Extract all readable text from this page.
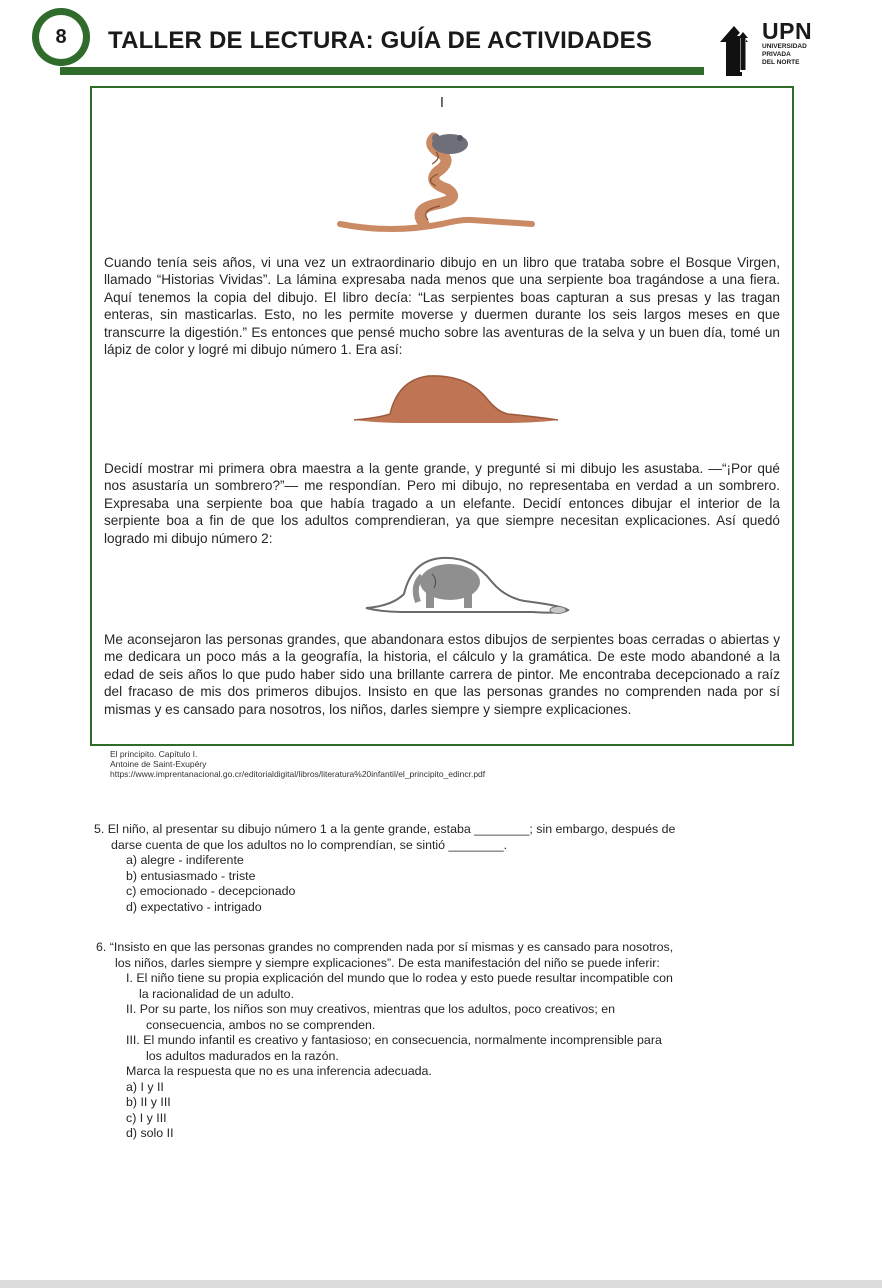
8	TALLER DE LECTURA: GUÍA DE ACTIVIDADES	UPN
UNIVERSIDAD
PRIVADA
DEL NORTE
I
Cuando tenía seis años, vi una vez un extraordinario dibujo en un libro que trataba sobre el Bosque Virgen, llamado “Historias Vividas”. La lámina expresaba nada menos que una serpiente boa tragándose a una fiera. Aquí tenemos la copia del dibujo. El libro decía: “Las serpientes boas capturan a sus presas y las tragan enteras, sin masticarlas. Esto, no les permite moverse y duermen durante los seis largos meses en que transcurre la digestión.” Es entonces que pensé mucho sobre las aventuras de la selva y un buen día, tomé un lápiz de color y logré mi dibujo número 1. Era así:
Decidí mostrar mi primera obra maestra a la gente grande, y pregunté si mi dibujo les asustaba. —“¡Por qué nos asustaría un sombrero?”— me respondían. Pero mi dibujo, no representaba en verdad a un sombrero. Expresaba una serpiente boa que había tragado a un elefante. Decidí entonces dibujar el interior de la serpiente boa a fin de que los adultos comprendieran, ya que siempre necesitan explicaciones. Así quedó logrado mi dibujo número 2:
Me aconsejaron las personas grandes, que abandonara estos dibujos de serpientes boas cerradas o abiertas y me dedicara un poco más a la geografía, la historia, el cálculo y la gramática. De este modo abandoné a la edad de seis años lo que pudo haber sido una brillante carrera de pintor. Me encontraba decepcionado a raíz del fracaso de mis dos primeros dibujos. Insisto en que las personas grandes no comprenden nada por sí mismas y es cansado para nosotros, los niños, darles siempre y siempre explicaciones.
El principito. Capítulo I.
Antoine de Saint-Exupéry
https://www.imprentanacional.go.cr/editorialdigital/libros/literatura%20infantil/el_principito_edincr.pdf
5. El niño, al presentar su dibujo número 1 a la gente grande, estaba ________; sin embargo, después de
darse cuenta de que los adultos no lo comprendían, se sintió ________.
a) alegre - indiferente
b) entusiasmado - triste
c) emocionado - decepcionado
d) expectativo - intrigado
6. “Insisto en que las personas grandes no comprenden nada por sí mismas y es cansado para nosotros,
los niños, darles siempre y siempre explicaciones”. De esta manifestación del niño se puede inferir:
I. El niño tiene su propia explicación del mundo que lo rodea y esto puede resultar incompatible con
la racionalidad de un adulto.
II. Por su parte, los niños son muy creativos, mientras que los adultos, poco creativos; en
consecuencia, ambos no se comprenden.
III. El mundo infantil es creativo y fantasioso; en consecuencia, normalmente incomprensible para
los adultos madurados en la razón.
Marca la respuesta que no es una inferencia adecuada.
a) I y II
b) II y III
c) I y III
d) solo II
